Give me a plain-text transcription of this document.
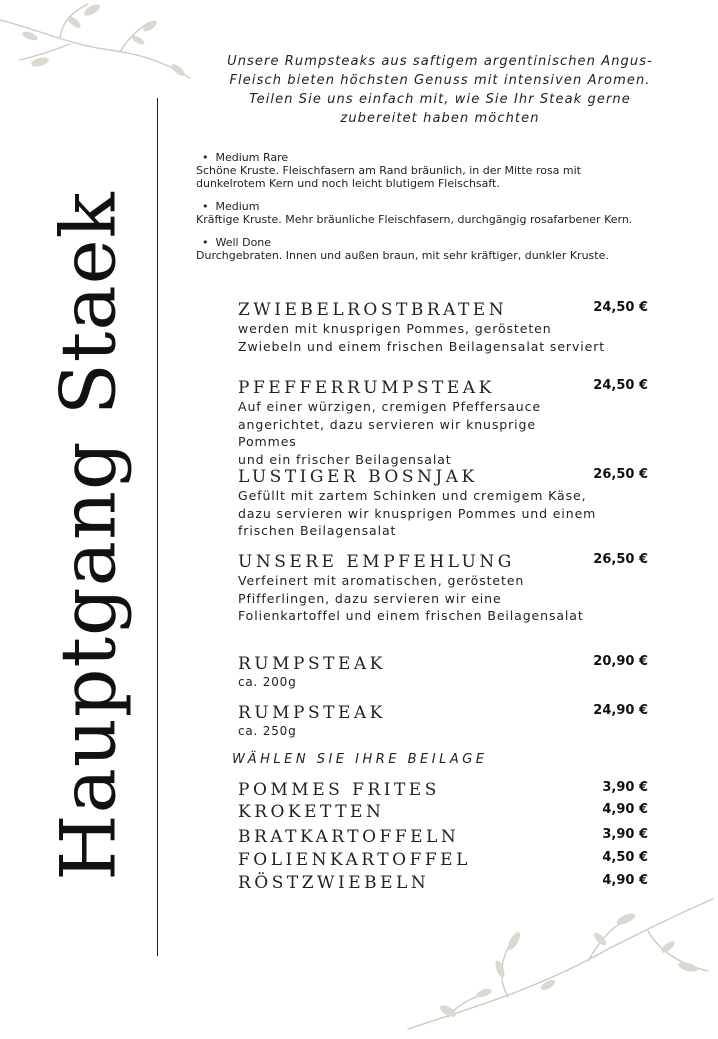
Hauptgang Staek
Unsere Rumpsteaks aus saftigem argentinischen Angus-
Fleisch bieten höchsten Genuss mit intensiven Aromen.
Teilen Sie uns einfach mit, wie Sie Ihr Steak gerne
zubereitet haben möchten
• Medium Rare
Schöne Kruste. Fleischfasern am Rand bräunlich, in der Mitte rosa mit
dunkelrotem Kern und noch leicht blutigem Fleischsaft.
• Medium
Kräftige Kruste. Mehr bräunliche Fleischfasern, durchgängig rosafarbener Kern.
• Well Done
Durchgebraten. Innen und außen braun, mit sehr kräftiger, dunkler Kruste.
ZWIEBELROSTBRATEN	24,50 €
werden mit knusprigen Pommes, gerösteten
Zwiebeln und einem frischen Beilagensalat serviert
PFEFFERRUMPSTEAK	24,50 €
Auf einer würzigen, cremigen Pfeffersauce
angerichtet, dazu servieren wir knusprige
Pommes
und ein frischer Beilagensalat
LUSTIGER BOSNJAK	26,50 €
Gefüllt mit zartem Schinken und cremigem Käse,
dazu servieren wir knusprigen Pommes und einem
frischen Beilagensalat
UNSERE EMPFEHLUNG	26,50 €
Verfeinert mit aromatischen, gerösteten
Pfifferlingen, dazu servieren wir eine
Folienkartoffel und einem frischen Beilagensalat
RUMPSTEAK	20,90 €
ca. 200g
RUMPSTEAK	24,90 €
ca. 250g
WÄHLEN SIE IHRE BEILAGE
POMMES FRITES	3,90 €
KROKETTEN	4,90 €
BRATKARTOFFELN	3,90 €
FOLIENKARTOFFEL	4,50 €
RÖSTZWIEBELN	4,90 €
